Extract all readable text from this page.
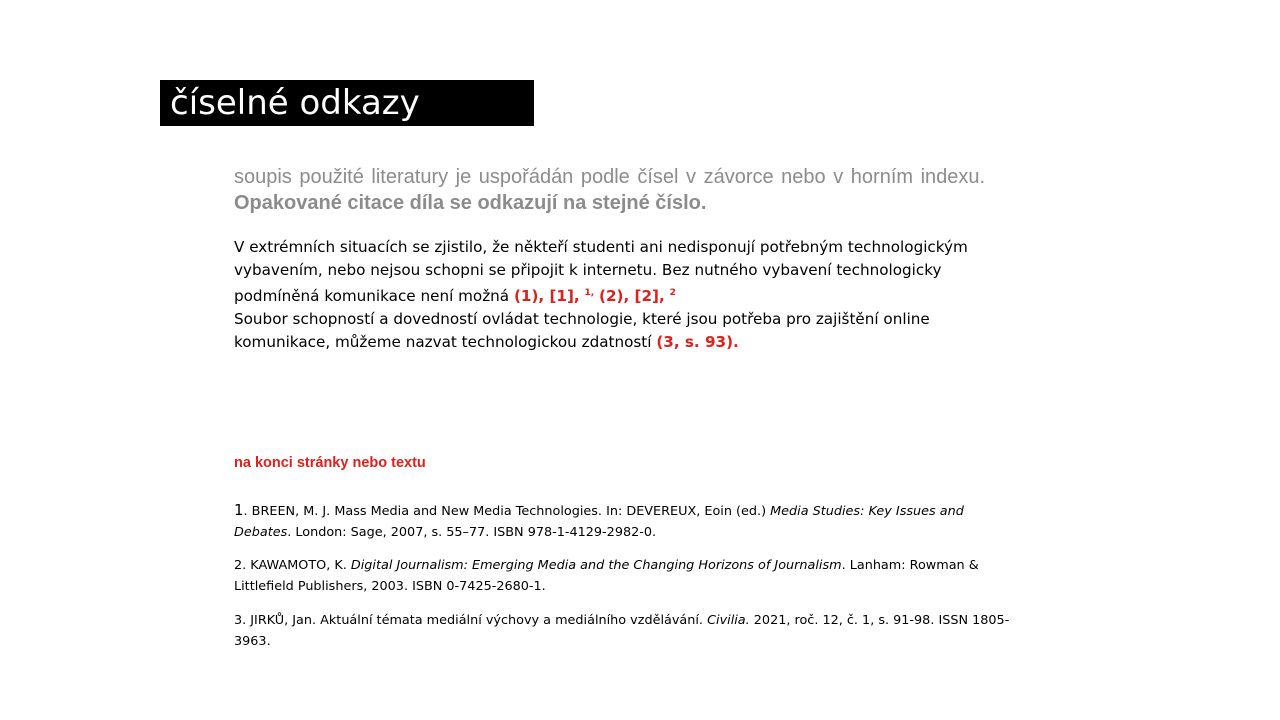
číselné odkazy
soupis použité literatury je uspořádán podle čísel v závorce nebo v horním indexu.
Opakované citace díla se odkazují na stejné číslo.
V extrémních situacích se zjistilo, že někteří studenti ani nedisponují potřebným technologickým vybavením, nebo nejsou schopni se připojit k internetu. Bez nutného vybavení technologicky podmíněná komunikace není možná (1), [1], $^{1,}$ (2), [2], $^2$
Soubor schopností a dovedností ovládat technologie, které jsou potřeba pro zajištění online komunikace, můžeme nazvat technologickou zdatností (3, s. 93).
na konci stránky nebo textu
1. BREEN, M. J. Mass Media and New Media Technologies. In: DEVEREUX, Eoin (ed.) Media Studies: Key Issues and Debates. London: Sage, 2007, s. 55–77. ISBN 978-1-4129-2982-0.
2. KAWAMOTO, K. Digital Journalism: Emerging Media and the Changing Horizons of Journalism. Lanham: Rowman & Littlefield Publishers, 2003. ISBN 0-7425-2680-1.
3. JIRKŮ, Jan. Aktuální témata mediální výchovy a mediálního vzdělávání. Civilia. 2021, roč. 12, č. 1, s. 91-98. ISSN 1805-3963.
